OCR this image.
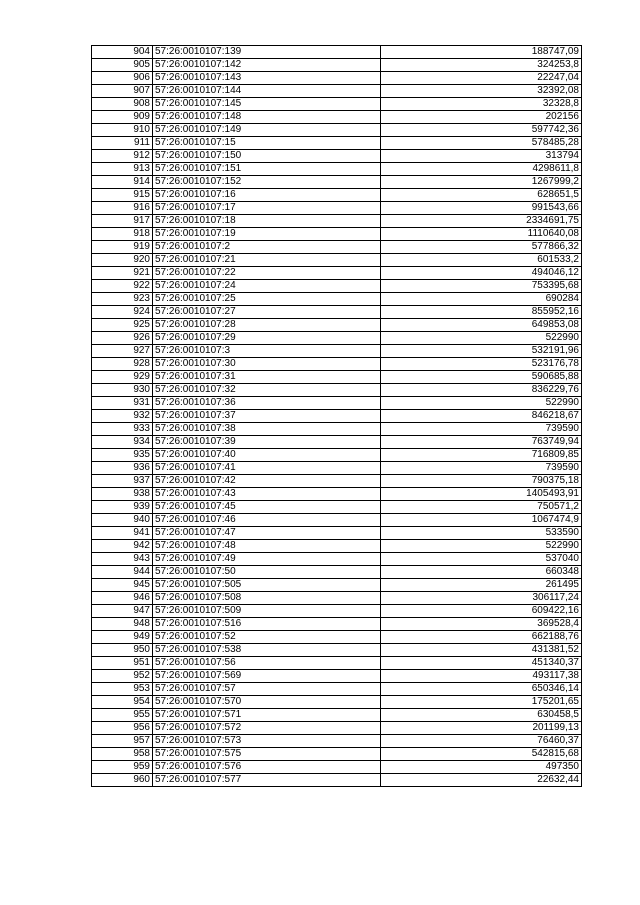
904	57:26:0010107:139	188747,09
905	57:26:0010107:142	324253,8
906	57:26:0010107:143	22247,04
907	57:26:0010107:144	32392,08
908	57:26:0010107:145	32328,8
909	57:26:0010107:148	202156
910	57:26:0010107:149	597742,36
911	57:26:0010107:15	578485,28
912	57:26:0010107:150	313794
913	57:26:0010107:151	4298611,8
914	57:26:0010107:152	1267999,2
915	57:26:0010107:16	628651,5
916	57:26:0010107:17	991543,66
917	57:26:0010107:18	2334691,75
918	57:26:0010107:19	1110640,08
919	57:26:0010107:2	577866,32
920	57:26:0010107:21	601533,2
921	57:26:0010107:22	494046,12
922	57:26:0010107:24	753395,68
923	57:26:0010107:25	690284
924	57:26:0010107:27	855952,16
925	57:26:0010107:28	649853,08
926	57:26:0010107:29	522990
927	57:26:0010107:3	532191,96
928	57:26:0010107:30	523176,78
929	57:26:0010107:31	590685,88
930	57:26:0010107:32	836229,76
931	57:26:0010107:36	522990
932	57:26:0010107:37	846218,67
933	57:26:0010107:38	739590
934	57:26:0010107:39	763749,94
935	57:26:0010107:40	716809,85
936	57:26:0010107:41	739590
937	57:26:0010107:42	790375,18
938	57:26:0010107:43	1405493,91
939	57:26:0010107:45	750571,2
940	57:26:0010107:46	1067474,9
941	57:26:0010107:47	533590
942	57:26:0010107:48	522990
943	57:26:0010107:49	537040
944	57:26:0010107:50	660348
945	57:26:0010107:505	261495
946	57:26:0010107:508	306117,24
947	57:26:0010107:509	609422,16
948	57:26:0010107:516	369528,4
949	57:26:0010107:52	662188,76
950	57:26:0010107:538	431381,52
951	57:26:0010107:56	451340,37
952	57:26:0010107:569	493117,38
953	57:26:0010107:57	650346,14
954	57:26:0010107:570	175201,65
955	57:26:0010107:571	630458,5
956	57:26:0010107:572	201199,13
957	57:26:0010107:573	76460,37
958	57:26:0010107:575	542815,68
959	57:26:0010107:576	497350
960	57:26:0010107:577	22632,44
